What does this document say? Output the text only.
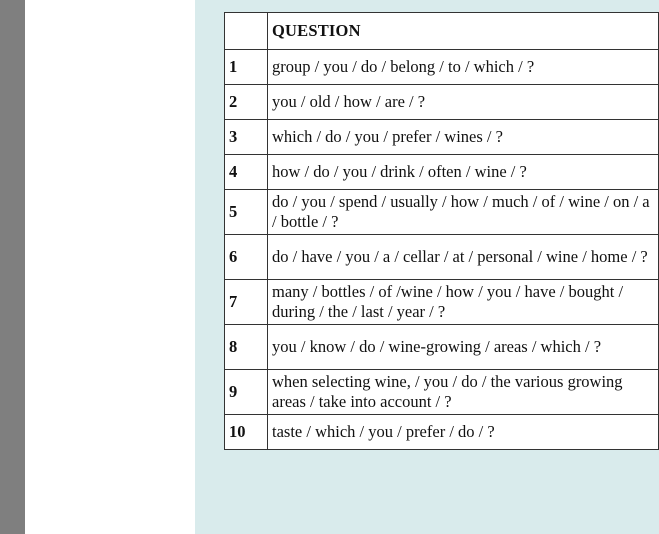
	QUESTION
1	group / you / do / belong / to / which / ?
2	you / old / how / are / ?
3	which / do / you / prefer / wines / ?
4	how / do / you / drink / often / wine / ?
5	do / you / spend / usually / how / much / of / wine / on / a / bottle / ?
6	do / have / you / a / cellar / at / personal / wine / home / ?
7	many / bottles / of /wine / how / you / have / bought / during / the / last / year / ?
8	you / know / do / wine-growing / areas / which / ?
9	when selecting wine, / you / do / the various growing areas / take into account / ?
10	taste / which / you / prefer / do / ?
